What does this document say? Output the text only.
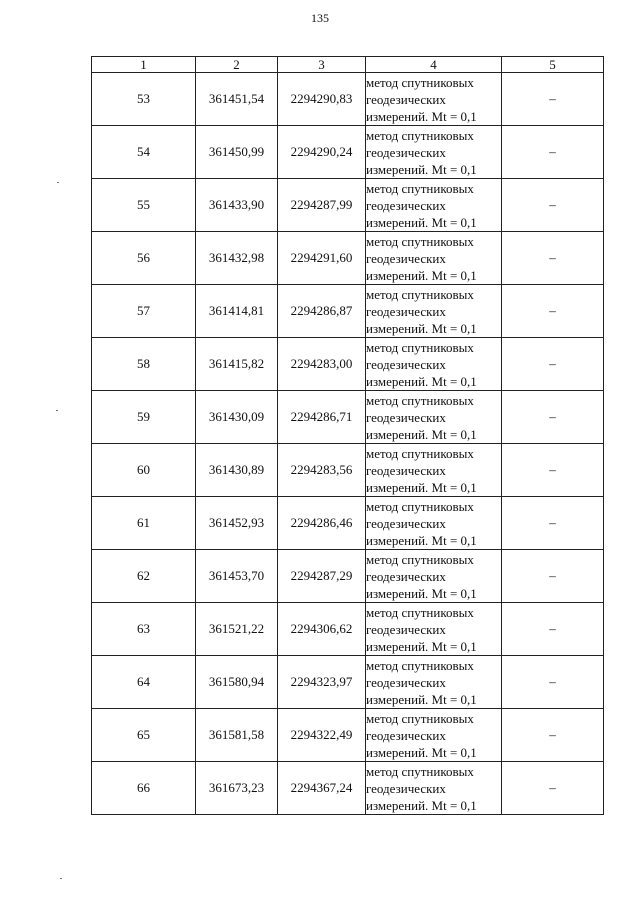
135
1	2	3	4	5
53	361451,54	2294290,83	метод спутниковых
геодезических
измерений. Mt = 0,1	–
54	361450,99	2294290,24	метод спутниковых
геодезических
измерений. Mt = 0,1	–
55	361433,90	2294287,99	метод спутниковых
геодезических
измерений. Mt = 0,1	–
56	361432,98	2294291,60	метод спутниковых
геодезических
измерений. Mt = 0,1	–
57	361414,81	2294286,87	метод спутниковых
геодезических
измерений. Mt = 0,1	–
58	361415,82	2294283,00	метод спутниковых
геодезических
измерений. Mt = 0,1	–
59	361430,09	2294286,71	метод спутниковых
геодезических
измерений. Mt = 0,1	–
60	361430,89	2294283,56	метод спутниковых
геодезических
измерений. Mt = 0,1	–
61	361452,93	2294286,46	метод спутниковых
геодезических
измерений. Mt = 0,1	–
62	361453,70	2294287,29	метод спутниковых
геодезических
измерений. Mt = 0,1	–
63	361521,22	2294306,62	метод спутниковых
геодезических
измерений. Mt = 0,1	–
64	361580,94	2294323,97	метод спутниковых
геодезических
измерений. Mt = 0,1	–
65	361581,58	2294322,49	метод спутниковых
геодезических
измерений. Mt = 0,1	–
66	361673,23	2294367,24	метод спутниковых
геодезических
измерений. Mt = 0,1	–
